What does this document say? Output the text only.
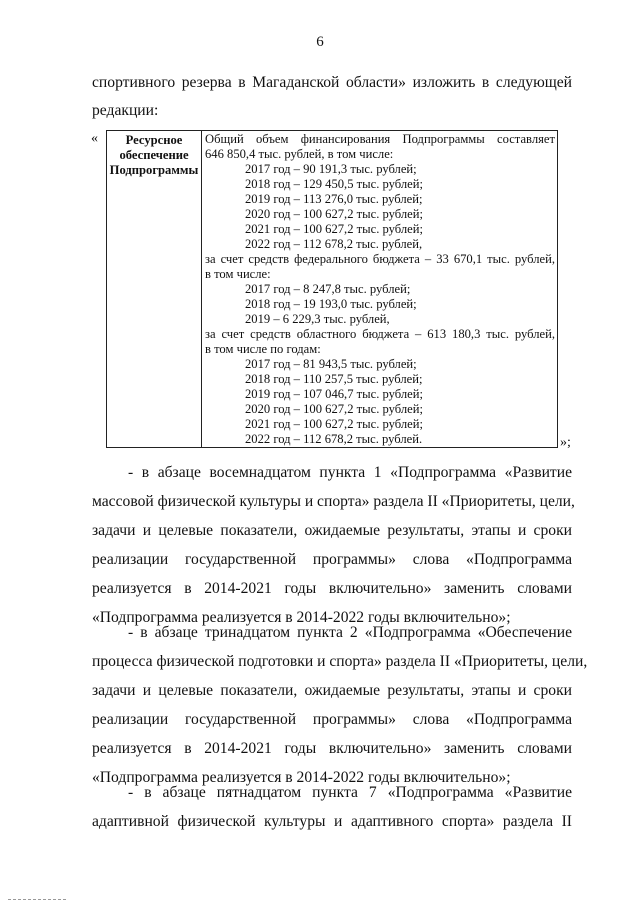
6
спортивного резерва в Магаданской области» изложить в следующей
редакции:
«	Ресурсное
обеспечение
Подпрограммы
Общий объем финансирования Подпрограммы составляет
646 850,4 тыс. рублей, в том числе:
2017 год – 90 191,3 тыс. рублей;
2018 год – 129 450,5 тыс. рублей;
2019 год – 113 276,0 тыс. рублей;
2020 год – 100 627,2 тыс. рублей;
2021 год – 100 627,2 тыс. рублей;
2022 год – 112 678,2 тыс. рублей,
за счет средств федерального бюджета – 33 670,1 тыс. рублей,
в том числе:
2017 год – 8 247,8 тыс. рублей;
2018 год – 19 193,0 тыс. рублей;
2019 – 6 229,3 тыс. рублей,
за счет средств областного бюджета – 613 180,3 тыс. рублей,
в том числе по годам:
2017 год – 81 943,5 тыс. рублей;
2018 год – 110 257,5 тыс. рублей;
2019 год – 107 046,7 тыс. рублей;
2020 год – 100 627,2 тыс. рублей;
2021 год – 100 627,2 тыс. рублей;
2022 год – 112 678,2 тыс. рублей.	»;
- в абзаце восемнадцатом пункта 1 «Подпрограмма «Развитие
массовой физической культуры и спорта» раздела II «Приоритеты, цели,
задачи и целевые показатели, ожидаемые результаты, этапы и сроки
реализации государственной программы» слова «Подпрограмма
реализуется в 2014-2021 годы включительно» заменить словами
«Подпрограмма реализуется в 2014-2022 годы включительно»;
- в абзаце тринадцатом пункта 2 «Подпрограмма «Обеспечение
процесса физической подготовки и спорта» раздела II «Приоритеты, цели,
задачи и целевые показатели, ожидаемые результаты, этапы и сроки
реализации государственной программы» слова «Подпрограмма
реализуется в 2014-2021 годы включительно» заменить словами
«Подпрограмма реализуется в 2014-2022 годы включительно»;
- в абзаце пятнадцатом пункта 7 «Подпрограмма «Развитие
адаптивной физической культуры и адаптивного спорта» раздела II
